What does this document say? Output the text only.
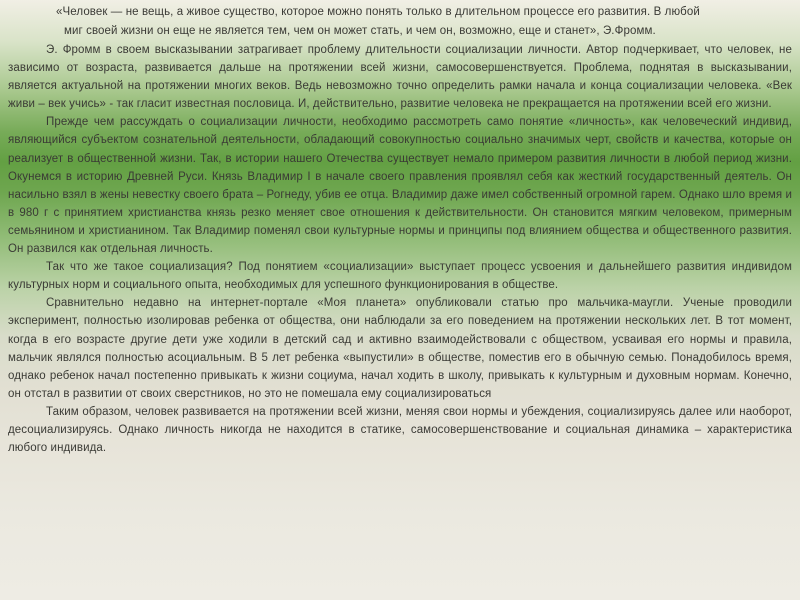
«Человек — не вещь, а живое существо, которое можно понять только в длительном процессе его развития. В любой
миг своей жизни он еще не является тем, чем он может стать, и чем он, возможно, еще и станет», Э.Фромм.

Э. Фромм в своем высказывании затрагивает проблему длительности социализации личности. Автор подчеркивает, что человек, не зависимо от возраста, развивается дальше на протяжении всей жизни, самосовершенствуется. Проблема, поднятая в высказывании, является актуальной на протяжении многих веков. Ведь невозможно точно определить рамки начала и конца социализации человека. «Век живи – век учись» - так гласит известная пословица. И, действительно, развитие человека не прекращается на протяжении всей его жизни.

Прежде чем рассуждать о социализации личности, необходимо рассмотреть само понятие «личность», как человеческий индивид, являющийся субъектом сознательной деятельности, обладающий совокупностью социально значимых черт, свойств и качества, которые он реализует в общественной жизни. Так, в истории нашего Отечества существует немало примером развития личности в любой период жизни. Окунемся в историю Древней Руси. Князь Владимир I в начале своего правления проявлял себя как жесткий государственный деятель. Он насильно взял в жены невестку своего брата – Рогнеду, убив ее отца. Владимир даже имел собственный огромной гарем. Однако шло время и в 980 г с принятием христианства князь резко меняет свое отношения к действительности. Он становится мягким человеком, примерным семьянином и христианином. Так Владимир поменял свои культурные нормы и принципы под влиянием общества и общественного развития. Он развился как отдельная личность.

Так что же такое социализация? Под понятием «социализации» выступает процесс усвоения и дальнейшего развития индивидом культурных норм и социального опыта, необходимых для успешного функционирования в обществе.

Сравнительно недавно на интернет-портале «Моя планета» опубликовали статью про мальчика-маугли. Ученые проводили эксперимент, полностью изолировав ребенка от общества, они наблюдали за его поведением на протяжении нескольких лет. В тот момент, когда в его возрасте другие дети уже ходили в детский сад и активно взаимодействовали с обществом, усваивая его нормы и правила, мальчик являлся полностью асоциальным. В 5 лет ребенка «выпустили» в обществе, поместив его в обычную семью. Понадобилось время, однако ребенок начал постепенно привыкать к жизни социума, начал ходить в школу, привыкать к культурным и духовным нормам. Конечно, он отстал в развитии от своих сверстников, но это не помешала ему социализироваться

Таким образом, человек развивается на протяжении всей жизни, меняя свои нормы и убеждения, социализируясь далее или наоборот, десоциализируясь. Однако личность никогда не находится в статике, самосовершенствование и социальная динамика – характеристика любого индивида.
